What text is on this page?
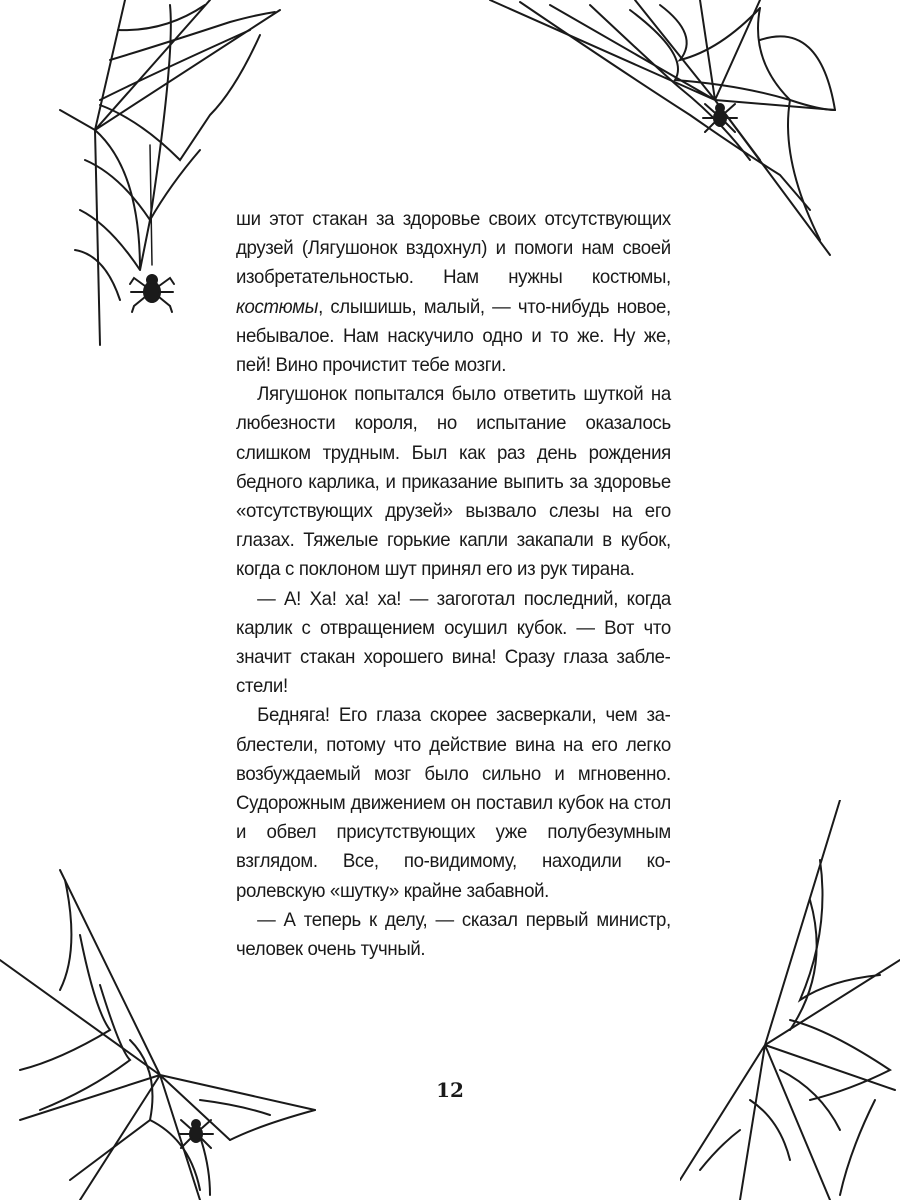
ши этот стакан за здоровье своих отсутствующих друзей (Лягушонок вздохнул) и помоги нам своей изобретательностью. Нам нужны костюмы, костюмы, слышишь, малый, — что-нибудь новое, небывалое. Нам наскучило одно и то же. Ну же, пей! Вино прочистит тебе мозги.

Лягушонок попытался было ответить шуткой на любезности короля, но испытание оказалось слишком трудным. Был как раз день рождения бедного карлика, и приказание выпить за здоровье «отсутствующих друзей» вызвало слезы на его глазах. Тяжелые горькие капли закапали в кубок, когда с поклоном шут принял его из рук тирана.

— А! Ха! ха! ха! — загоготал последний, когда карлик с отвращением осушил кубок. — Вот что значит стакан хорошего вина! Сразу глаза заблестели!

Бедняга! Его глаза скорее засверкали, чем заблестели, потому что действие вина на его легко возбуждаемый мозг было сильно и мгновенно. Судорожным движением он поставил кубок на стол и обвел присутствующих уже полубезумным взглядом. Все, по-видимому, находили королевскую «шутку» крайне забавной.

— А теперь к делу, — сказал первый министр, человек очень тучный.

12
